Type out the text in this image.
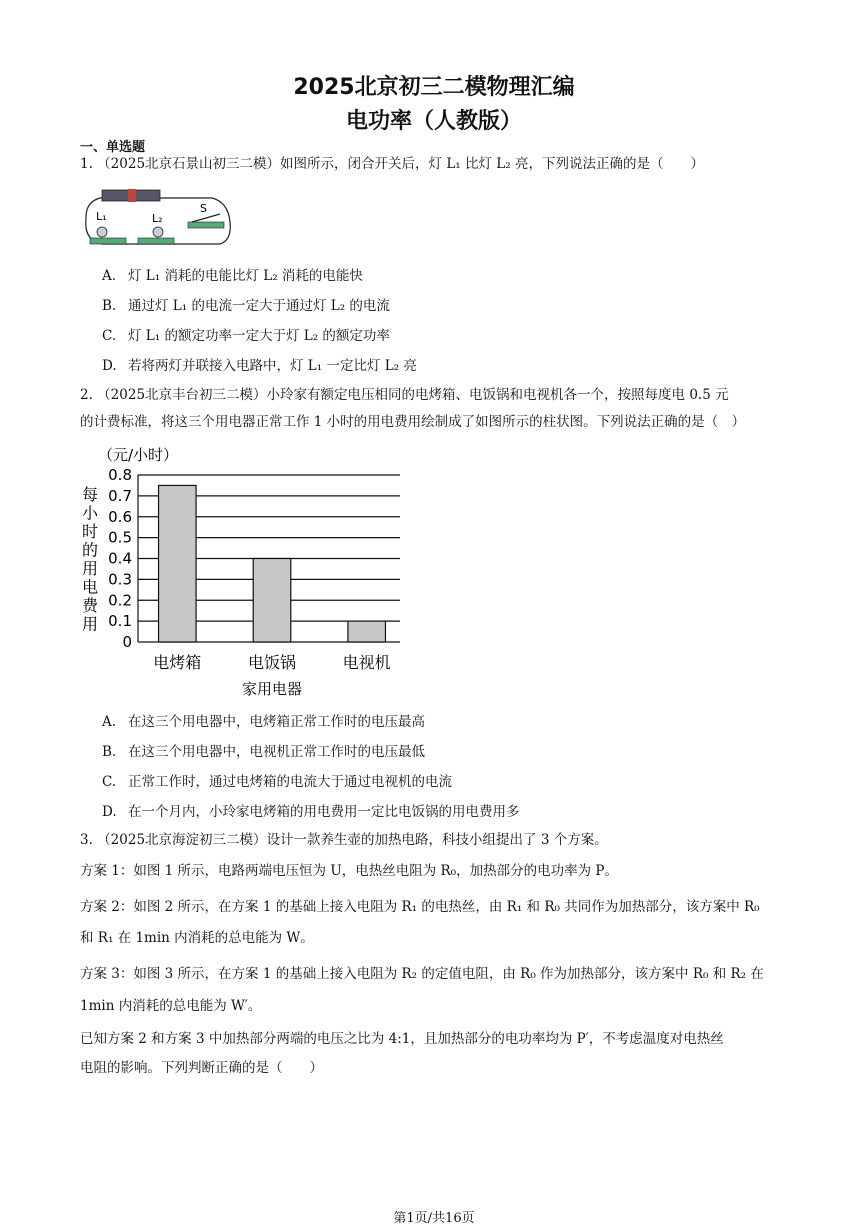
2025北京初三二模物理汇编
电功率（人教版）
一、单选题
1. （2025北京石景山初三二模）如图所示，闭合开关后，灯 L₁ 比灯 L₂ 亮，下列说法正确的是（　　）
L₁	L₂
S
A. 灯 L₁ 消耗的电能比灯 L₂ 消耗的电能快
B. 通过灯 L₁ 的电流一定大于通过灯 L₂ 的电流
C. 灯 L₁ 的额定功率一定大于灯 L₂ 的额定功率
D. 若将两灯并联接入电路中，灯 L₁ 一定比灯 L₂ 亮
2. （2025北京丰台初三二模）小玲家有额定电压相同的电烤箱、电饭锅和电视机各一个，按照每度电 0.5 元
的计费标准，将这三个用电器正常工作 1 小时的用电费用绘制成了如图所示的柱状图。下列说法正确的是（　）
（元/小时）
每
小
时
的
用
电
费
用
0
0.1
0.2
0.3
0.4
0.5
0.6
0.7
0.8
电烤箱	电饭锅	电视机
家用电器
A. 在这三个用电器中，电烤箱正常工作时的电压最高
B. 在这三个用电器中，电视机正常工作时的电压最低
C. 正常工作时，通过电烤箱的电流大于通过电视机的电流
D. 在一个月内，小玲家电烤箱的用电费用一定比电饭锅的用电费用多
3. （2025北京海淀初三二模）设计一款养生壶的加热电路，科技小组提出了 3 个方案。
方案 1：如图 1 所示，电路两端电压恒为 U，电热丝电阻为 R₀，加热部分的电功率为 P。
方案 2：如图 2 所示，在方案 1 的基础上接入电阻为 R₁ 的电热丝，由 R₁ 和 R₀ 共同作为加热部分，该方案中 R₀
和 R₁ 在 1min 内消耗的总电能为 W。
方案 3：如图 3 所示，在方案 1 的基础上接入电阻为 R₂ 的定值电阻，由 R₀ 作为加热部分，该方案中 R₀ 和 R₂ 在
1min 内消耗的总电能为 W′。
已知方案 2 和方案 3 中加热部分两端的电压之比为 4:1，且加热部分的电功率均为 P′，不考虑温度对电热丝
电阻的影响。下列判断正确的是（　　）
第1页/共16页
